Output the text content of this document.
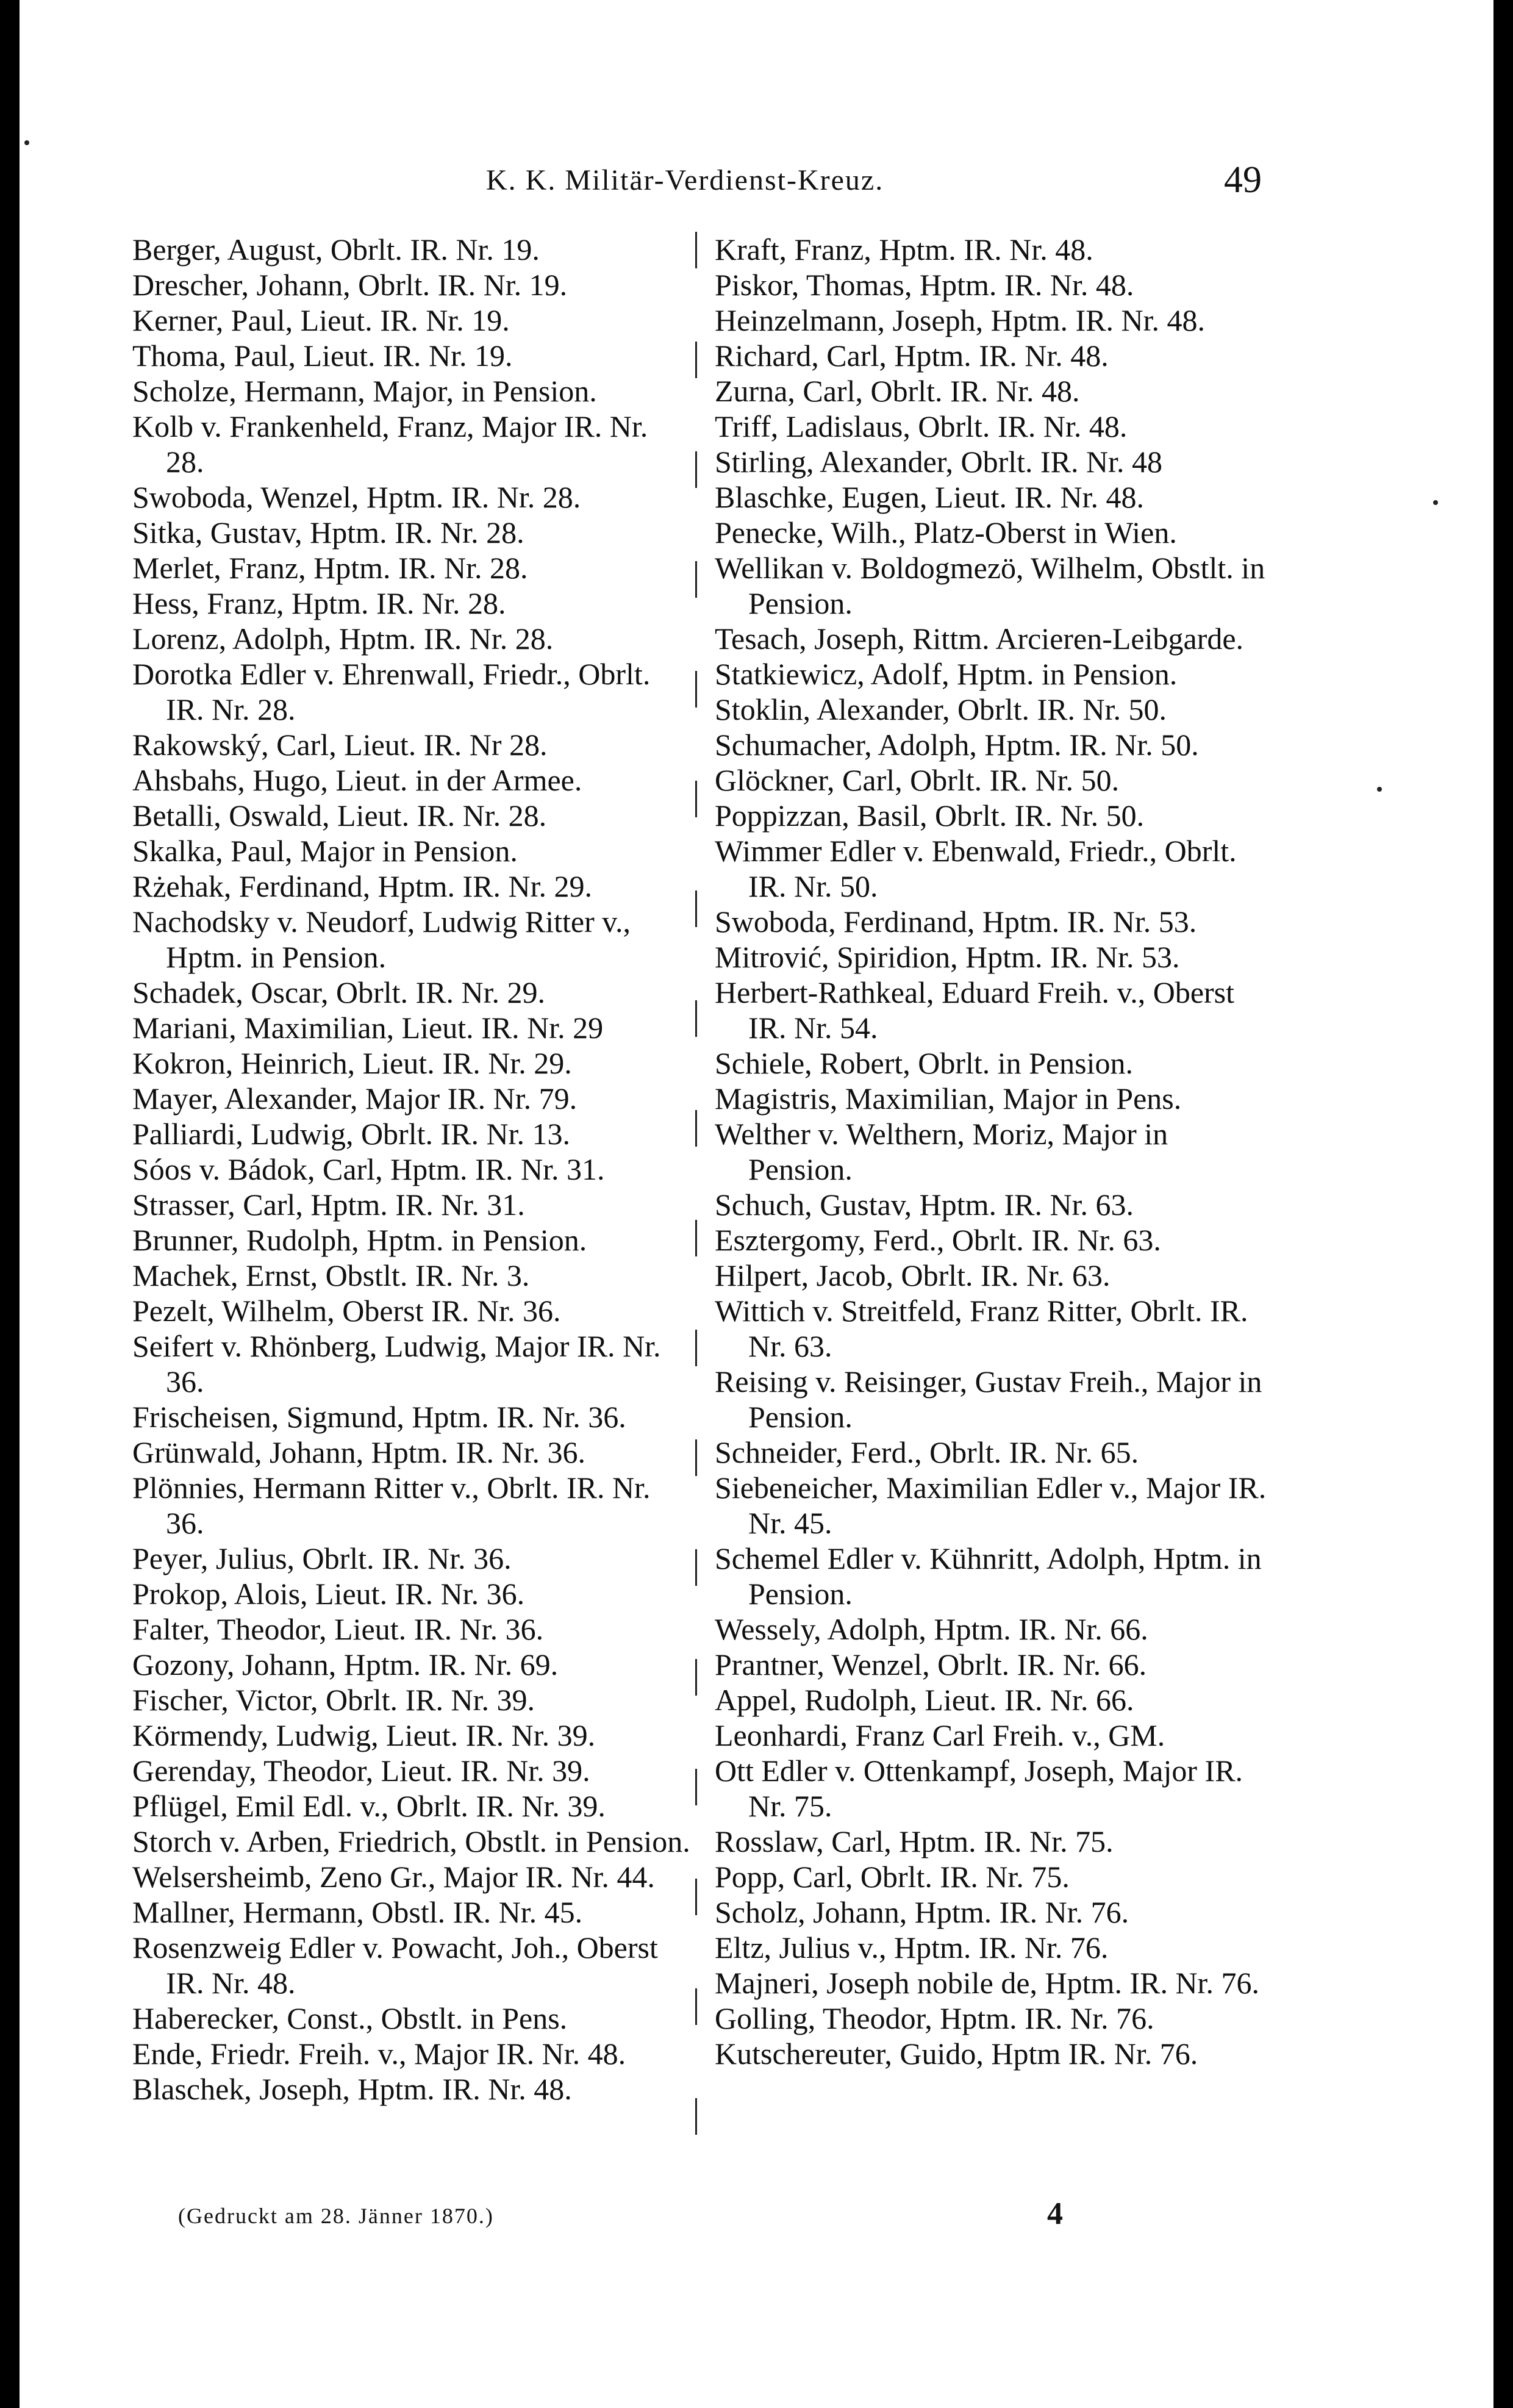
K. K. Militär-Verdienst-Kreuz.	49
Berger, August, Obrlt. IR. Nr. 19.
Drescher, Johann, Obrlt. IR. Nr. 19.
Kerner, Paul, Lieut. IR. Nr. 19.
Thoma, Paul, Lieut. IR. Nr. 19.
Scholze, Hermann, Major, in Pension.
Kolb v. Frankenheld, Franz, Major IR. Nr. 28.
Swoboda, Wenzel, Hptm. IR. Nr. 28.
Sitka, Gustav, Hptm. IR. Nr. 28.
Merlet, Franz, Hptm. IR. Nr. 28.
Hess, Franz, Hptm. IR. Nr. 28.
Lorenz, Adolph, Hptm. IR. Nr. 28.
Dorotka Edler v. Ehrenwall, Friedr., Obrlt. IR. Nr. 28.
Rakowský, Carl, Lieut. IR. Nr 28.
Ahsbahs, Hugo, Lieut. in der Armee.
Betalli, Oswald, Lieut. IR. Nr. 28.
Skalka, Paul, Major in Pension.
Rżehak, Ferdinand, Hptm. IR. Nr. 29.
Nachodsky v. Neudorf, Ludwig Ritter v., Hptm. in Pension.
Schadek, Oscar, Obrlt. IR. Nr. 29.
Mariani, Maximilian, Lieut. IR. Nr. 29
Kokron, Heinrich, Lieut. IR. Nr. 29.
Mayer, Alexander, Major IR. Nr. 79.
Palliardi, Ludwig, Obrlt. IR. Nr. 13.
Sóos v. Bádok, Carl, Hptm. IR. Nr. 31.
Strasser, Carl, Hptm. IR. Nr. 31.
Brunner, Rudolph, Hptm. in Pension.
Machek, Ernst, Obstlt. IR. Nr. 3.
Pezelt, Wilhelm, Oberst IR. Nr. 36.
Seifert v. Rhönberg, Ludwig, Major IR. Nr. 36.
Frischeisen, Sigmund, Hptm. IR. Nr. 36.
Grünwald, Johann, Hptm. IR. Nr. 36.
Plönnies, Hermann Ritter v., Obrlt. IR. Nr. 36.
Peyer, Julius, Obrlt. IR. Nr. 36.
Prokop, Alois, Lieut. IR. Nr. 36.
Falter, Theodor, Lieut. IR. Nr. 36.
Gozony, Johann, Hptm. IR. Nr. 69.
Fischer, Victor, Obrlt. IR. Nr. 39.
Körmendy, Ludwig, Lieut. IR. Nr. 39.
Gerenday, Theodor, Lieut. IR. Nr. 39.
Pflügel, Emil Edl. v., Obrlt. IR. Nr. 39.
Storch v. Arben, Friedrich, Obstlt. in Pension.
Welsersheimb, Zeno Gr., Major IR. Nr. 44.
Mallner, Hermann, Obstl. IR. Nr. 45.
Rosenzweig Edler v. Powacht, Joh., Oberst IR. Nr. 48.
Haberecker, Const., Obstlt. in Pens.
Ende, Friedr. Freih. v., Major IR. Nr. 48.
Blaschek, Joseph, Hptm. IR. Nr. 48.
Kraft, Franz, Hptm. IR. Nr. 48.
Piskor, Thomas, Hptm. IR. Nr. 48.
Heinzelmann, Joseph, Hptm. IR. Nr. 48.
Richard, Carl, Hptm. IR. Nr. 48.
Zurna, Carl, Obrlt. IR. Nr. 48.
Triff, Ladislaus, Obrlt. IR. Nr. 48.
Stirling, Alexander, Obrlt. IR. Nr. 48
Blaschke, Eugen, Lieut. IR. Nr. 48.
Penecke, Wilh., Platz-Oberst in Wien.
Wellikan v. Boldogmezö, Wilhelm, Obstlt. in Pension.
Tesach, Joseph, Rittm. Arcieren-Leibgarde.
Statkiewicz, Adolf, Hptm. in Pension.
Stoklin, Alexander, Obrlt. IR. Nr. 50.
Schumacher, Adolph, Hptm. IR. Nr. 50.
Glöckner, Carl, Obrlt. IR. Nr. 50.
Poppizzan, Basil, Obrlt. IR. Nr. 50.
Wimmer Edler v. Ebenwald, Friedr., Obrlt. IR. Nr. 50.
Swoboda, Ferdinand, Hptm. IR. Nr. 53.
Mitrović, Spiridion, Hptm. IR. Nr. 53.
Herbert-Rathkeal, Eduard Freih. v., Oberst IR. Nr. 54.
Schiele, Robert, Obrlt. in Pension.
Magistris, Maximilian, Major in Pens.
Welther v. Welthern, Moriz, Major in Pension.
Schuch, Gustav, Hptm. IR. Nr. 63.
Esztergomy, Ferd., Obrlt. IR. Nr. 63.
Hilpert, Jacob, Obrlt. IR. Nr. 63.
Wittich v. Streitfeld, Franz Ritter, Obrlt. IR. Nr. 63.
Reising v. Reisinger, Gustav Freih., Major in Pension.
Schneider, Ferd., Obrlt. IR. Nr. 65.
Siebeneicher, Maximilian Edler v., Major IR. Nr. 45.
Schemel Edler v. Kühnritt, Adolph, Hptm. in Pension.
Wessely, Adolph, Hptm. IR. Nr. 66.
Prantner, Wenzel, Obrlt. IR. Nr. 66.
Appel, Rudolph, Lieut. IR. Nr. 66.
Leonhardi, Franz Carl Freih. v., GM.
Ott Edler v. Ottenkampf, Joseph, Major IR. Nr. 75.
Rosslaw, Carl, Hptm. IR. Nr. 75.
Popp, Carl, Obrlt. IR. Nr. 75.
Scholz, Johann, Hptm. IR. Nr. 76.
Eltz, Julius v., Hptm. IR. Nr. 76.
Majneri, Joseph nobile de, Hptm. IR. Nr. 76.
Golling, Theodor, Hptm. IR. Nr. 76.
Kutschereuter, Guido, Hptm IR. Nr. 76.
(Gedruckt am 28. Jänner 1870.)	4
